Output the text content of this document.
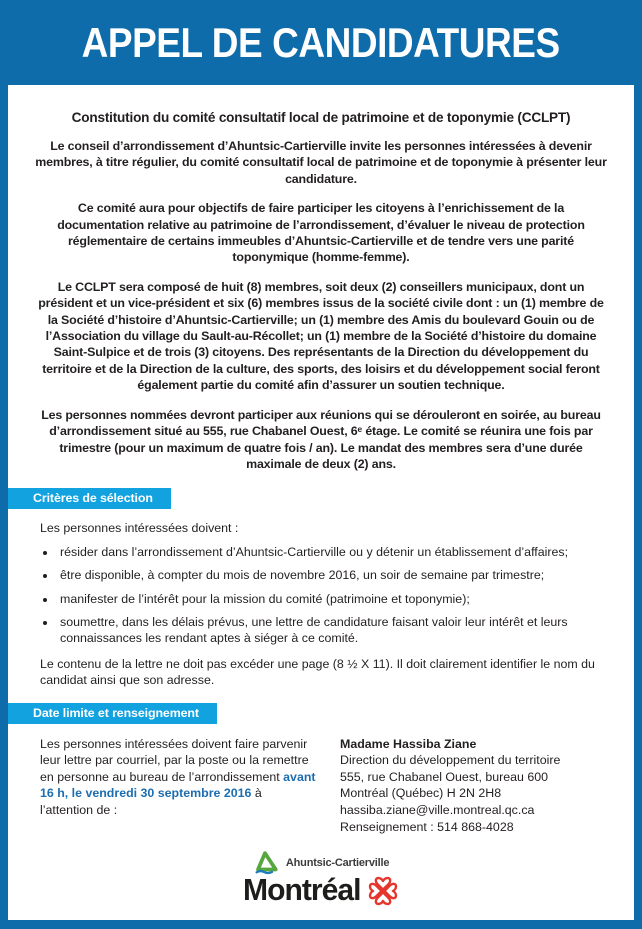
APPEL DE CANDIDATURES
Constitution du comité consultatif local de patrimoine et de toponymie (CCLPT)
Le conseil d’arrondissement d’Ahuntsic-Cartierville invite les personnes intéressées à devenir membres, à titre régulier, du comité consultatif local de patrimoine et de toponymie à présenter leur candidature.
Ce comité aura pour objectifs de faire participer les citoyens à l’enrichissement de la documentation relative au patrimoine de l’arrondissement, d’évaluer le niveau de protection réglementaire de certains immeubles d’Ahuntsic-Cartierville et de tendre vers une parité toponymique (homme-femme).
Le CCLPT sera composé de huit (8) membres, soit deux (2) conseillers municipaux, dont un président et un vice-président et six (6) membres issus de la société civile dont : un (1) membre de la Société d’histoire d’Ahuntsic-Cartierville; un (1) membre des Amis du boulevard Gouin ou de l’Association du village du Sault-au-Récollet; un (1) membre de la Société d’histoire du domaine Saint-Sulpice et de trois (3) citoyens. Des représentants de la Direction du développement du territoire et de la Direction de la culture, des sports, des loisirs et du développement social feront également partie du comité afin d’assurer un soutien technique.
Les personnes nommées devront participer aux réunions qui se dérouleront en soirée, au bureau d’arrondissement situé au 555, rue Chabanel Ouest, 6ᵉ étage. Le comité se réunira une fois par trimestre (pour un maximum de quatre fois / an). Le mandat des membres sera d’une durée maximale de deux (2) ans.
Critères de sélection
Les personnes intéressées doivent :
• résider dans l’arrondissement d’Ahuntsic-Cartierville ou y détenir un établissement d’affaires;
• être disponible, à compter du mois de novembre 2016, un soir de semaine par trimestre;
• manifester de l’intérêt pour la mission du comité (patrimoine et toponymie);
• soumettre, dans les délais prévus, une lettre de candidature faisant valoir leur intérêt et leurs connaissances les rendant aptes à siéger à ce comité.
Le contenu de la lettre ne doit pas excéder une page (8 ½ X 11). Il doit clairement identifier le nom du candidat ainsi que son adresse.
Date limite et renseignement
Les personnes intéressées doivent faire parvenir leur lettre par courriel, par la poste ou la remettre en personne au bureau de l’arrondissement avant 16 h, le vendredi 30 septembre 2016 à l’attention de :
Madame Hassiba Ziane
Direction du développement du territoire
555, rue Chabanel Ouest, bureau 600
Montréal (Québec) H 2N 2H8
hassiba.ziane@ville.montreal.qc.ca
Renseignement : 514 868-4028
Ahuntsic-Cartierville
Montréal
